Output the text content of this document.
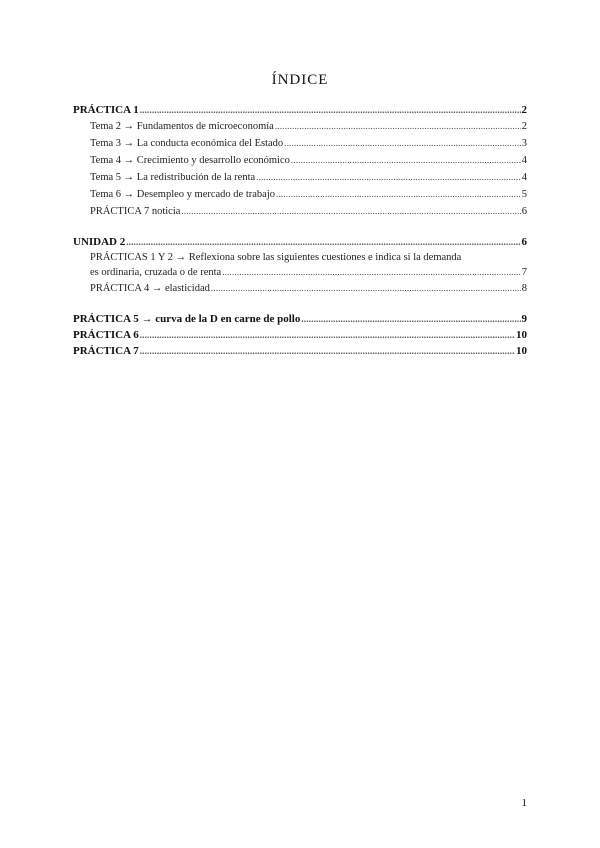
ÍNDICE
PRÁCTICA 1 .....	2
Tema 2 → Fundamentos de microeconomía .....	2
Tema 3 → La conducta económica del Estado .....	3
Tema 4 → Crecimiento y desarrollo económico .....	4
Tema 5 → La redistribución de la renta .....	4
Tema 6 → Desempleo y mercado de trabajo .....	5
PRÁCTICA 7 noticia .....	6
UNIDAD 2 .....	6
PRÁCTICAS 1 Y 2 → Reflexiona sobre las siguientes cuestiones e indica si la demanda
es ordinaria, cruzada o de renta .....	7
PRÁCTICA 4 → elasticidad .....	8
PRÁCTICA 5 → curva de la D en carne de pollo .....	9
PRÁCTICA 6 .....	10
PRÁCTICA 7 .....	10
1
